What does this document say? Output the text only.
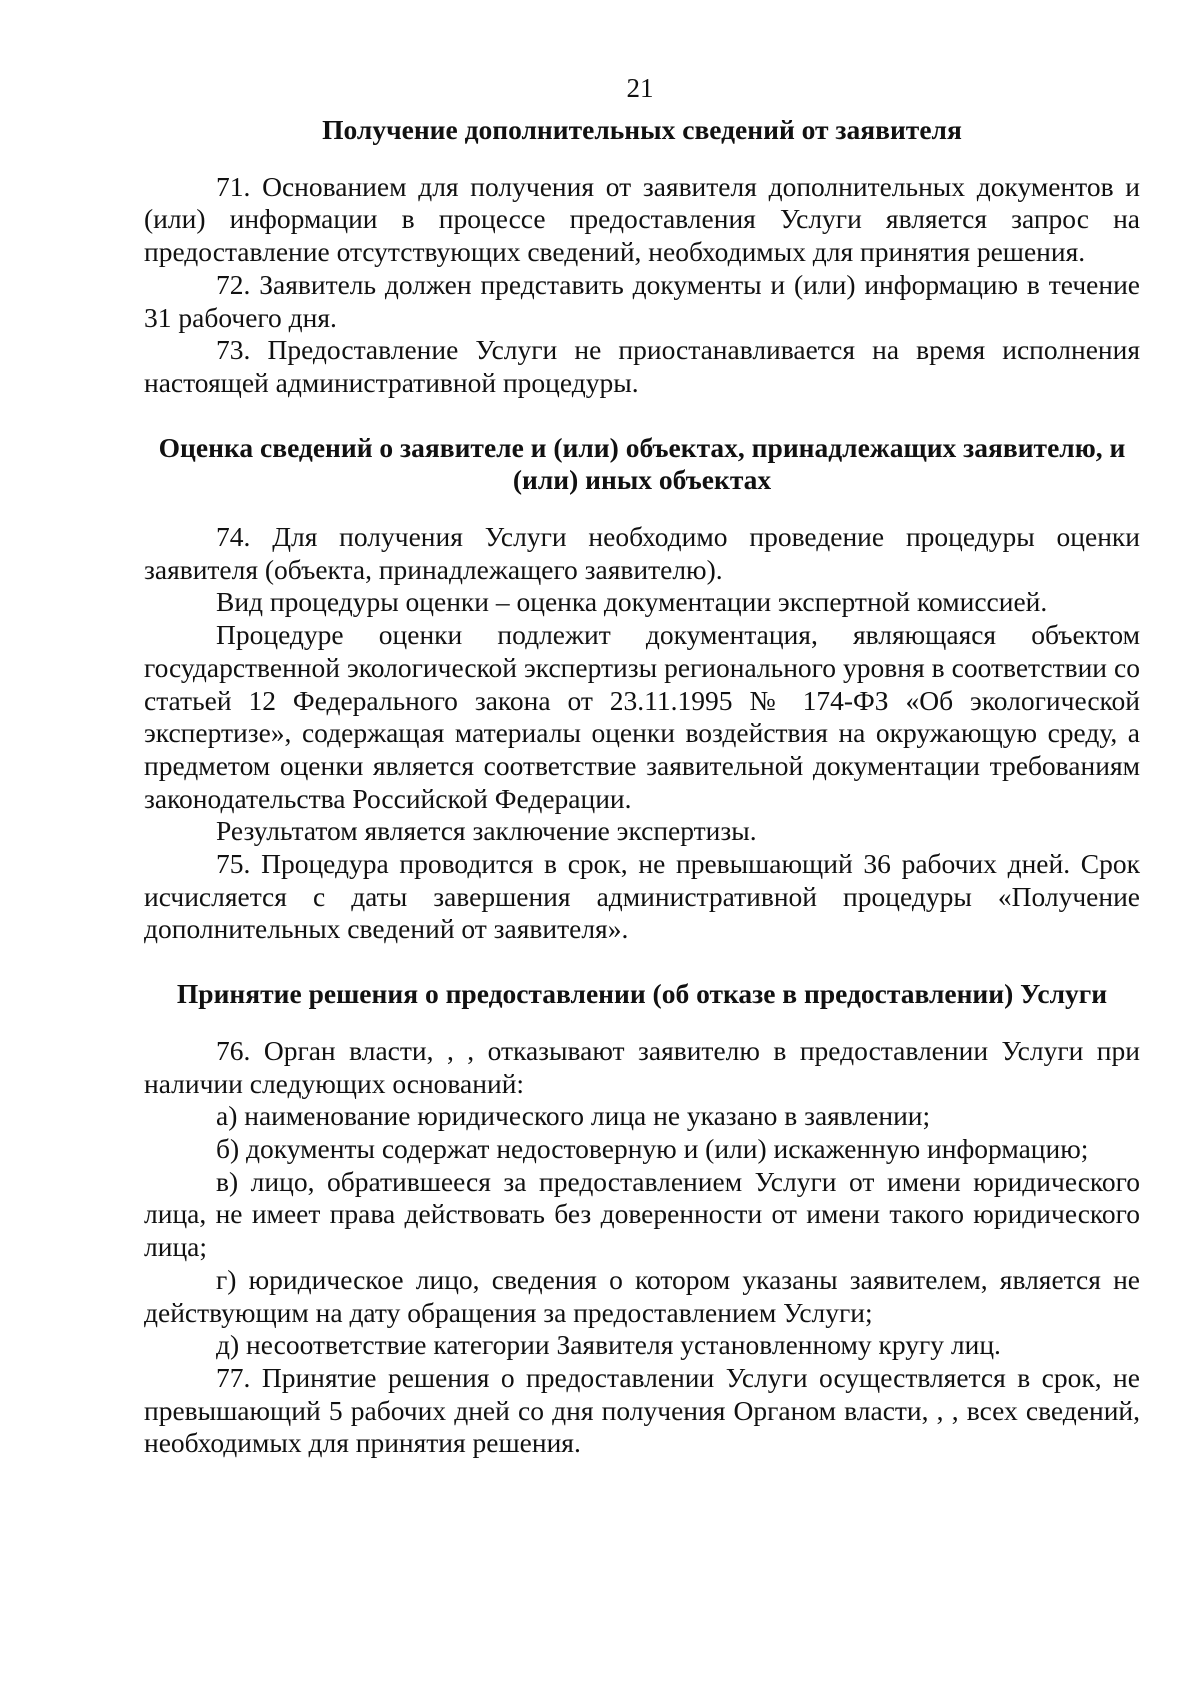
21

Получение дополнительных сведений от заявителя

71. Основанием для получения от заявителя дополнительных документов и (или) информации в процессе предоставления Услуги является запрос на предоставление отсутствующих сведений, необходимых для принятия решения.

72. Заявитель должен представить документы и (или) информацию в течение 31 рабочего дня.

73. Предоставление Услуги не приостанавливается на время исполнения настоящей административной процедуры.

Оценка сведений о заявителе и (или) объектах, принадлежащих заявителю, и (или) иных объектах

74. Для получения Услуги необходимо проведение процедуры оценки заявителя (объекта, принадлежащего заявителю).

Вид процедуры оценки – оценка документации экспертной комиссией.

Процедуре оценки подлежит документация, являющаяся объектом государственной экологической экспертизы регионального уровня в соответствии со статьей 12 Федерального закона от 23.11.1995 № 174-ФЗ «Об экологической экспертизе», содержащая материалы оценки воздействия на окружающую среду, а предметом оценки является соответствие заявительной документации требованиям законодательства Российской Федерации.

Результатом является заключение экспертизы.

75. Процедура проводится в срок, не превышающий 36 рабочих дней. Срок исчисляется с даты завершения административной процедуры «Получение дополнительных сведений от заявителя».

Принятие решения о предоставлении (об отказе в предоставлении) Услуги

76. Орган власти, , , отказывают заявителю в предоставлении Услуги при наличии следующих оснований:

а) наименование юридического лица не указано в заявлении;

б) документы содержат недостоверную и (или) искаженную информацию;

в) лицо, обратившееся за предоставлением Услуги от имени юридического лица, не имеет права действовать без доверенности от имени такого юридического лица;

г) юридическое лицо, сведения о котором указаны заявителем, является не действующим на дату обращения за предоставлением Услуги;

д) несоответствие категории Заявителя установленному кругу лиц.

77. Принятие решения о предоставлении Услуги осуществляется в срок, не превышающий 5 рабочих дней со дня получения Органом власти, , , всех сведений, необходимых для принятия решения.
